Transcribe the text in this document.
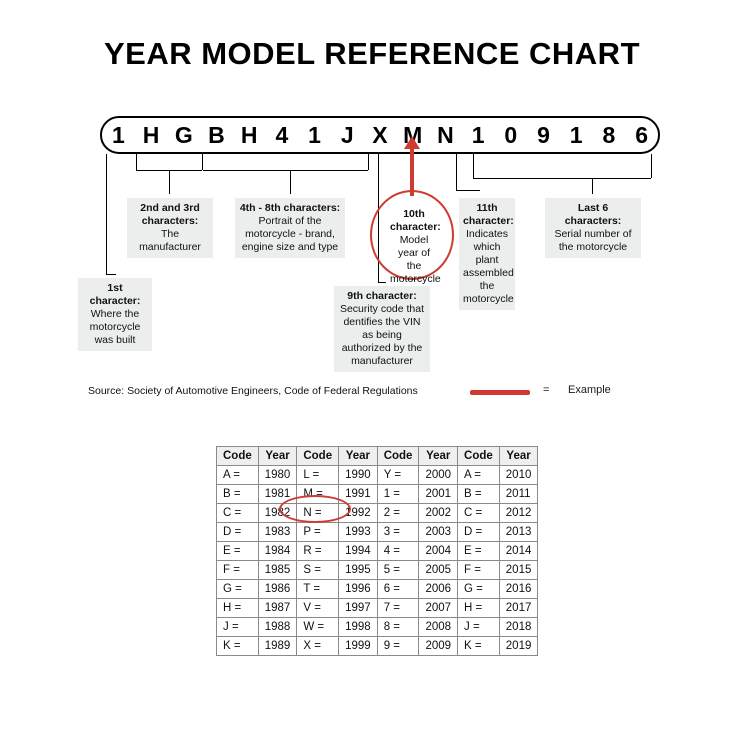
YEAR MODEL REFERENCE CHART
1 H G B H 4 1 J X M N 1 0 9 1 8 6
1st character:
Where the motorcycle was built
2nd and 3rd characters:
The manufacturer
4th - 8th characters:
Portrait of the motorcycle - brand, engine size and type
9th character:
Security code that dentifies the VIN as being authorized by the manufacturer
10th character:
Model year of the motorcycle
11th character:
Indicates which plant assembled the motorcycle
Last 6 characters:
Serial number of the motorcycle
Source: Society of Automotive Engineers, Code of Federal Regulations	= Example
Code	Year	Code	Year	Code	Year	Code	Year
A =	1980	L =	1990	Y =	2000	A =	2010
B =	1981	M =	1991	1 =	2001	B =	2011
C =	1982	N =	1992	2 =	2002	C =	2012
D =	1983	P =	1993	3 =	2003	D =	2013
E =	1984	R =	1994	4 =	2004	E =	2014
F =	1985	S =	1995	5 =	2005	F =	2015
G =	1986	T =	1996	6 =	2006	G =	2016
H =	1987	V =	1997	7 =	2007	H =	2017
J =	1988	W =	1998	8 =	2008	J =	2018
K =	1989	X =	1999	9 =	2009	K =	2019
